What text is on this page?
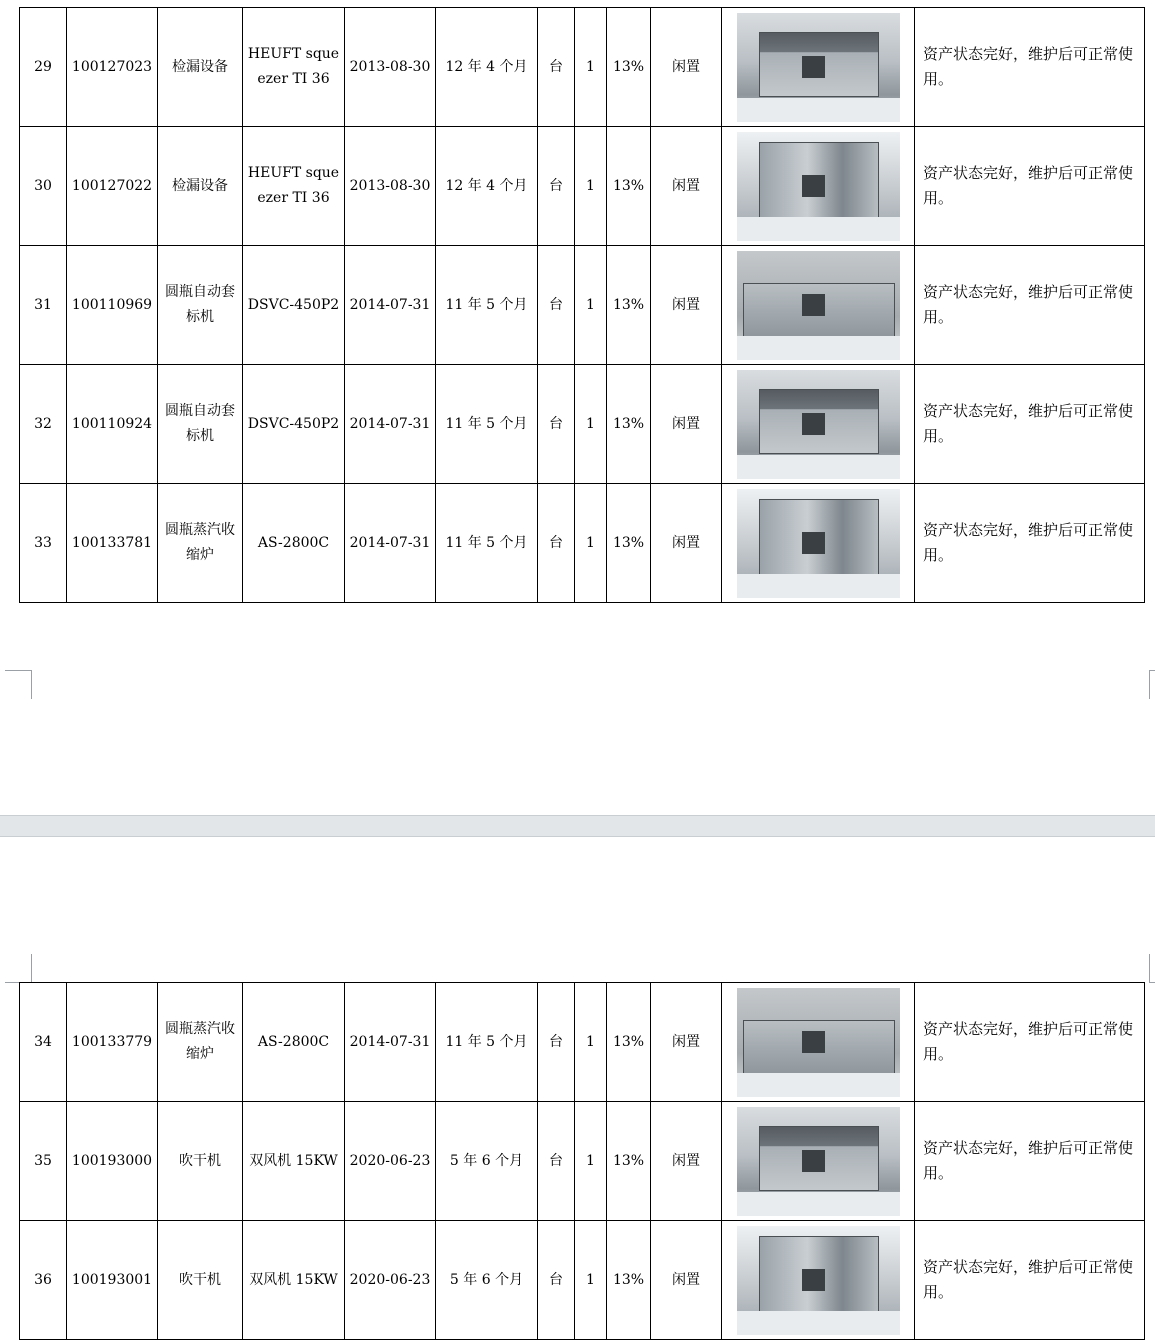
29	100127023	检漏设备	HEUFT squeezer TI 36	2013-08-30	12 年 4 个月	台	1	13%	闲置		资产状态完好，维护后可正常使用。
30	100127022	检漏设备	HEUFT squeezer TI 36	2013-08-30	12 年 4 个月	台	1	13%	闲置		资产状态完好，维护后可正常使用。
31	100110969	圆瓶自动套标机	DSVC-450P2	2014-07-31	11 年 5 个月	台	1	13%	闲置		资产状态完好，维护后可正常使用。
32	100110924	圆瓶自动套标机	DSVC-450P2	2014-07-31	11 年 5 个月	台	1	13%	闲置		资产状态完好，维护后可正常使用。
33	100133781	圆瓶蒸汽收缩炉	AS-2800C	2014-07-31	11 年 5 个月	台	1	13%	闲置		资产状态完好，维护后可正常使用。
34	100133779	圆瓶蒸汽收缩炉	AS-2800C	2014-07-31	11 年 5 个月	台	1	13%	闲置		资产状态完好，维护后可正常使用。
35	100193000	吹干机	双风机 15KW	2020-06-23	5 年 6 个月	台	1	13%	闲置		资产状态完好，维护后可正常使用。
36	100193001	吹干机	双风机 15KW	2020-06-23	5 年 6 个月	台	1	13%	闲置		资产状态完好，维护后可正常使用。
